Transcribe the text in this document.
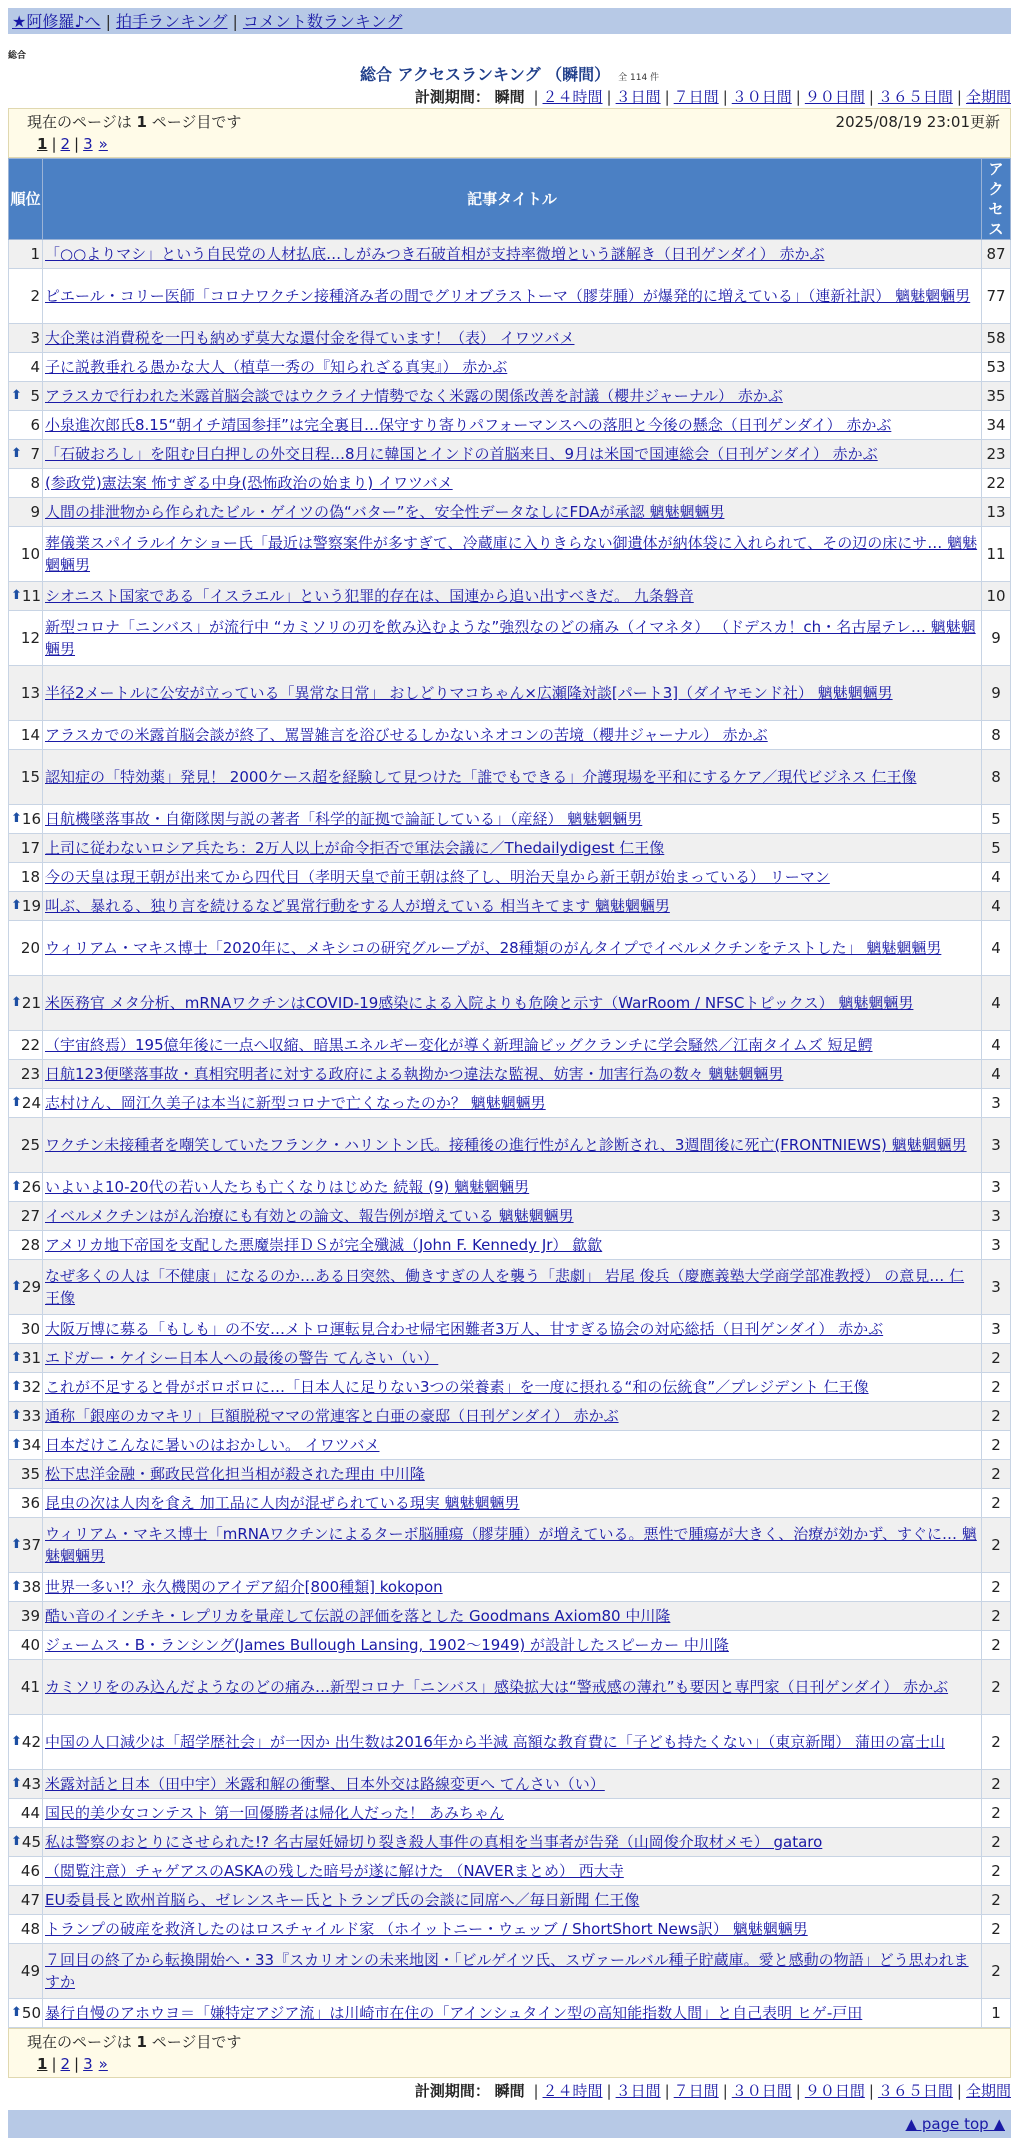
★阿修羅♪へ | 拍手ランキング | コメント数ランキング
総合
総合 アクセスランキング （瞬間） 全 114 件
計測期間： 瞬間 | ２４時間 | ３日間 | ７日間 | ３０日間 | ９０日間 | ３６５日間 | 全期間
現在のページは 1 ページ目です	2025/08/19 23:01更新
1 | 2 | 3 »
順位	記事タイトル	アクセス
1	「○○よりマシ」という自民党の人材払底…しがみつき石破首相が支持率微増という謎解き（日刊ゲンダイ） 赤かぶ	87
2	ピエール・コリー医師「コロナワクチン接種済み者の間でグリオブラストーマ（膠芽腫）が爆発的に増えている」（連新社訳） 魑魅魍魎男	77
3	大企業は消費税を一円も納めず莫大な還付金を得ています！（表） イワツバメ	58
4	子に説教垂れる愚かな大人（植草一秀の『知られざる真実』） 赤かぶ	53

⬆ 5	アラスカで行われた米露首脳会談ではウクライナ情勢でなく米露の関係改善を討議（櫻井ジャーナル） 赤かぶ	35
6	小泉進次郎氏8.15“朝イチ靖国参拝”は完全裏目…保守すり寄りパフォーマンスへの落胆と今後の懸念（日刊ゲンダイ） 赤かぶ	34

⬆ 7	「石破おろし」を阻む目白押しの外交日程…8月に韓国とインドの首脳来日、9月は米国で国連総会（日刊ゲンダイ） 赤かぶ	23
8	(参政党)憲法案 怖すぎる中身(恐怖政治の始まり) イワツバメ	22
9	人間の排泄物から作られたビル・ゲイツの偽“バター”を、安全性データなしにFDAが承認 魑魅魍魎男	13
10	葬儀業スパイラルイケショー氏「最近は警察案件が多すぎて、冷蔵庫に入りきらない御遺体が納体袋に入れられて、その辺の床にサ… 魑魅魍魎男	11

⬆ 11	シオニスト国家である「イスラエル」という犯罪的存在は、国連から追い出すべきだ。 九条磐音	10
12	新型コロナ「ニンバス」が流行中 “カミソリの刃を飲み込むような”強烈なのどの痛み（イマネタ） （ドデスカ！ch・名古屋テレ… 魑魅魍魎男	9
13	半径2メートルに公安が立っている「異常な日常」 おしどりマコちゃん×広瀬隆対談[パート3]（ダイヤモンド社） 魑魅魍魎男	9
14	アラスカでの米露首脳会談が終了、罵詈雑言を浴びせるしかないネオコンの苦境（櫻井ジャーナル） 赤かぶ	8
15	認知症の「特効薬」発見！ 2000ケース超を経験して見つけた「誰でもできる」介護現場を平和にするケア／現代ビジネス 仁王像	8

⬆ 16	日航機墜落事故・自衛隊関与説の著者「科学的証拠で論証している」（産経） 魑魅魍魎男	5
17	上司に従わないロシア兵たち：2万人以上が命令拒否で軍法会議に／Thedailydigest 仁王像	5
18	今の天皇は現王朝が出来てから四代目（孝明天皇で前王朝は終了し、明治天皇から新王朝が始まっている） リーマン	4

⬆ 19	叫ぶ、暴れる、独り言を続けるなど異常行動をする人が増えている 相当キてます 魑魅魍魎男	4
20	ウィリアム・マキス博士「2020年に、メキシコの研究グループが、28種類のがんタイプでイベルメクチンをテストした」 魑魅魍魎男	4

⬆ 21	米医務官 メタ分析、mRNAワクチンはCOVID-19感染による入院よりも危険と示す（WarRoom / NFSCトピックス） 魑魅魍魎男	4
22	（宇宙終焉）195億年後に一点へ収縮、暗黒エネルギー変化が導く新理論ビッグクランチに学会騒然／江南タイムズ 短足鰐	4
23	日航123便墜落事故・真相究明者に対する政府による執拗かつ違法な監視、妨害・加害行為の数々 魑魅魍魎男	4

⬆ 24	志村けん、岡江久美子は本当に新型コロナで亡くなったのか？ 魑魅魍魎男	3
25	ワクチン未接種者を嘲笑していたフランク・ハリントン氏。接種後の進行性がんと診断され、3週間後に死亡(FRONTNIEWS) 魑魅魍魎男	3

⬆ 26	いよいよ10-20代の若い人たちも亡くなりはじめた 続報 (9) 魑魅魍魎男	3
27	イベルメクチンはがん治療にも有効との論文、報告例が増えている 魑魅魍魎男	3
28	アメリカ地下帝国を支配した悪魔崇拝ＤＳが完全殲滅（John F. Kennedy Jr） 歙歙	3

⬆ 29	なぜ多くの人は「不健康」になるのか…ある日突然、働きすぎの人を襲う「悲劇」 岩尾 俊兵（慶應義塾大学商学部准教授） の意見… 仁王像	3
30	大阪万博に募る「もしも」の不安…メトロ運転見合わせ帰宅困難者3万人、甘すぎる協会の対応総括（日刊ゲンダイ） 赤かぶ	3

⬆ 31	エドガー・ケイシー日本人への最後の警告 てんさい（い）	2

⬆ 32	これが不足すると骨がボロボロに…「日本人に足りない3つの栄養素」を一度に摂れる“和の伝統食”／プレジデント 仁王像	2

⬆ 33	通称「銀座のカマキリ」巨額脱税ママの常連客と白亜の豪邸（日刊ゲンダイ） 赤かぶ	2

⬆ 34	日本だけこんなに暑いのはおかしい。 イワツバメ	2
35	松下忠洋金融・郵政民営化担当相が殺された理由 中川隆	2
36	昆虫の次は人肉を食え 加工品に人肉が混ぜられている現実 魑魅魍魎男	2

⬆ 37	ウィリアム・マキス博士「mRNAワクチンによるターボ脳腫瘍（膠芽腫）が増えている。悪性で腫瘍が大きく、治療が効かず、すぐに… 魑魅魍魎男	2

⬆ 38	世界一多い!？永久機関のアイデア紹介[800種類] kokopon	2
39	酷い音のインチキ・レプリカを量産して伝説の評価を落とした Goodmans Axiom80 中川隆	2
40	ジェームス・B・ランシング(James Bullough Lansing, 1902～1949) が設計したスピーカー 中川隆	2
41	カミソリをのみ込んだようなのどの痛み…新型コロナ「ニンバス」感染拡大は“警戒感の薄れ”も要因と専門家（日刊ゲンダイ） 赤かぶ	2

⬆ 42	中国の人口減少は「超学歴社会」が一因か 出生数は2016年から半減 高額な教育費に「子ども持たくない」（東京新聞） 蒲田の富士山	2

⬆ 43	米露対話と日本（田中宇）米露和解の衝撃、日本外交は路線変更へ てんさい（い）	2
44	国民的美少女コンテスト 第一回優勝者は帰化人だった！ あみちゃん	2

⬆ 45	私は警察のおとりにさせられた!? 名古屋妊婦切り裂き殺人事件の真相を当事者が告発（山岡俊介取材メモ） gataro	2
46	（閲覧注意）チャゲアスのASKAの残した暗号が遂に解けた （NAVERまとめ） 西大寺	2
47	EU委員長と欧州首脳ら、ゼレンスキー氏とトランプ氏の会談に同席へ／毎日新聞 仁王像	2
48	トランプの破産を救済したのはロスチャイルド家 （ホイットニー・ウェッブ / ShortShort News訳） 魑魅魍魎男	2
49	７回目の終了から転換開始へ・33『スカリオンの未来地図・「ビルゲイツ氏、スヴァールバル種子貯蔵庫。愛と感動の物語」どう思われますか	2

⬆ 50	暴行自慢のアホウヨ＝「嫌特定アジア流」は川崎市在住の「アインシュタイン型の高知能指数人間」と自己表明 ヒゲ-戸田	1
現在のページは 1 ページ目です
1 | 2 | 3 »
計測期間： 瞬間 | ２４時間 | ３日間 | ７日間 | ３０日間 | ９０日間 | ３６５日間 | 全期間
▲ page top ▲
